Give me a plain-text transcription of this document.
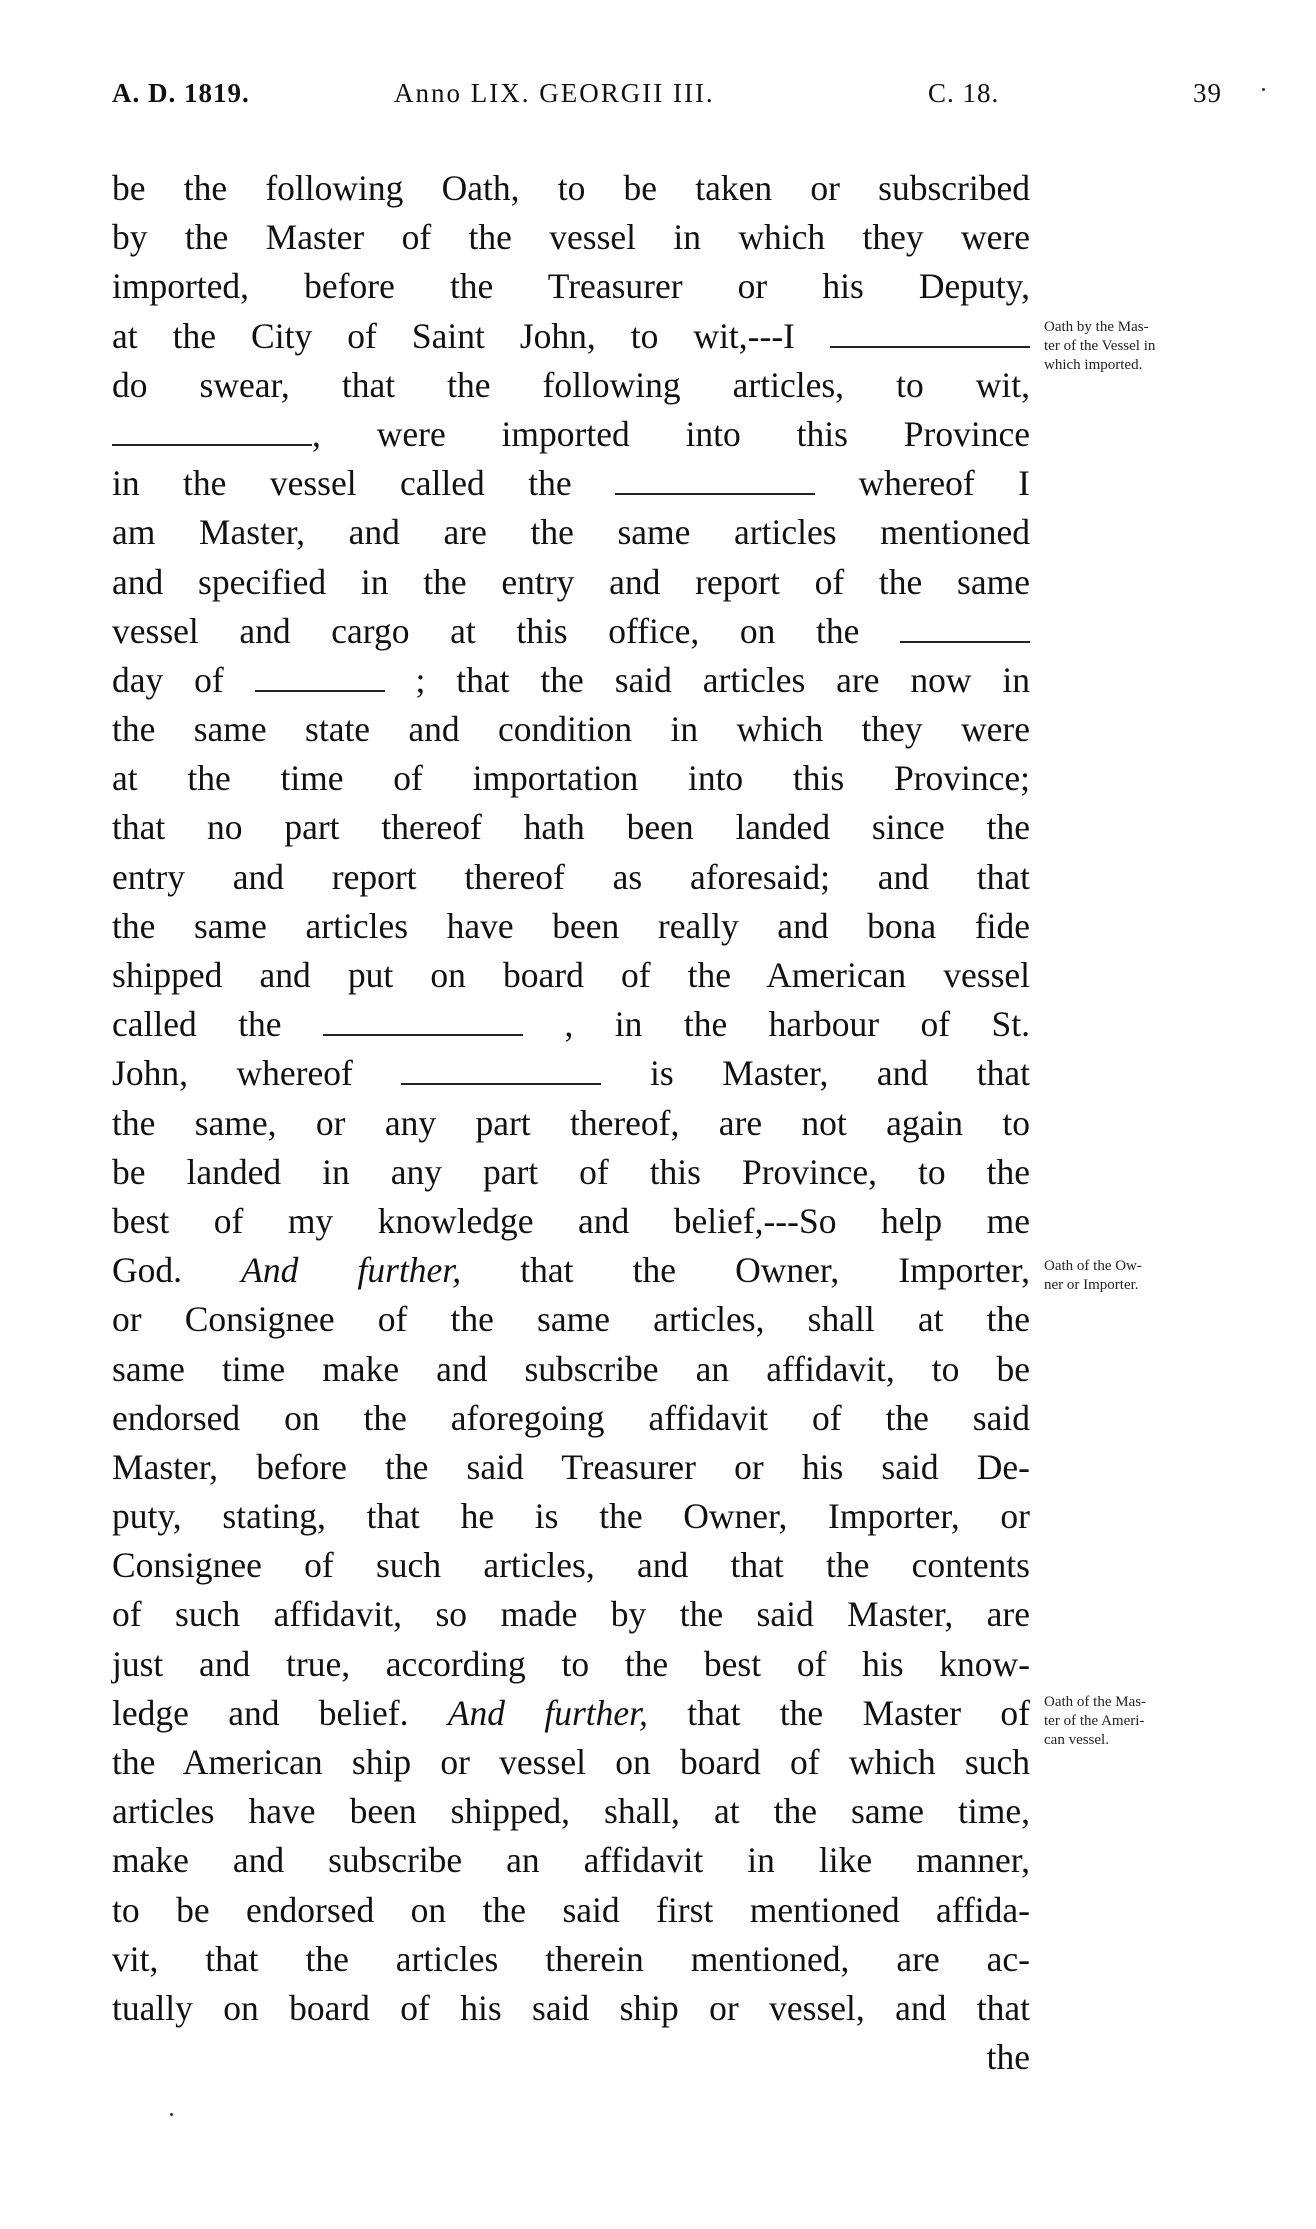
A. D. 1819.	Anno LIX. GEORGII III.	C. 18.	39
be the following Oath, to be taken or subscribed
by the Master of the vessel in which they were
imported, before the Treasurer or his Deputy,
at the City of Saint John, to wit,---I
do swear, that the following articles, to wit,
, were imported into this Province
in the vessel called the	whereof I
am Master, and are the same articles mentioned
and specified in the entry and report of the same
vessel and cargo at this office, on the
day of	; that the said articles are now in
the same state and condition in which they were
at the time of importation into this Province;
that no part thereof hath been landed since the
entry and report thereof as aforesaid; and that
the same articles have been really and bona fide
shipped and put on board of the American vessel
called the	, in the harbour of St.
John, whereof	is Master, and that
the same, or any part thereof, are not again to
be landed in any part of this Province, to the
best of my knowledge and belief,---So help me
God. And further, that the Owner, Importer,
or Consignee of the same articles, shall at the
same time make and subscribe an affidavit, to be
endorsed on the aforegoing affidavit of the said
Master, before the said Treasurer or his said De-
puty, stating, that he is the Owner, Importer, or
Consignee of such articles, and that the contents
of such affidavit, so made by the said Master, are
just and true, according to the best of his know-
ledge and belief. And further, that the Master of
the American ship or vessel on board of which such
articles have been shipped, shall, at the same time,
make and subscribe an affidavit in like manner,
to be endorsed on the said first mentioned affida-
vit, that the articles therein mentioned, are ac-
tually on board of his said ship or vessel, and that
the
Oath by the Mas-
ter of the Vessel in
which imported.
Oath of the Ow-
ner or Importer.
Oath of the Mas-
ter of the Ameri-
can vessel.
